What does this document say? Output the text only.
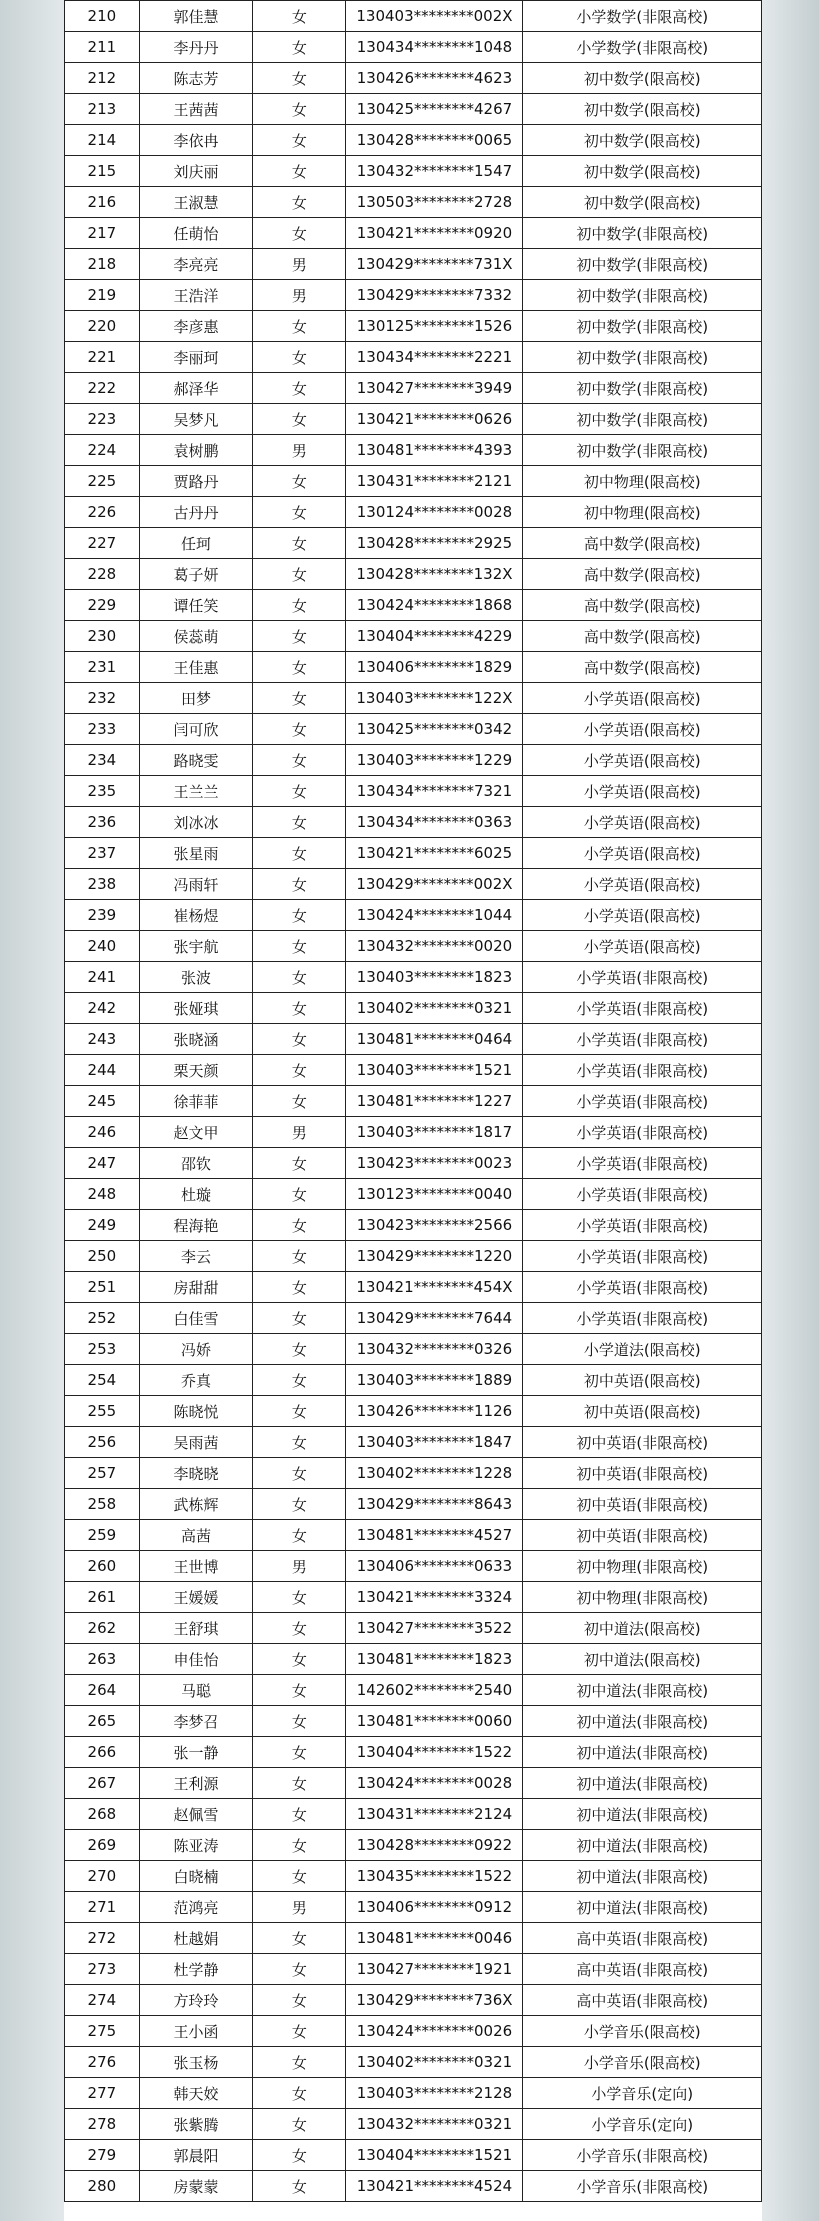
210	郭佳慧	女	130403********002X	小学数学(非限高校)
211	李丹丹	女	130434********1048	小学数学(非限高校)
212	陈志芳	女	130426********4623	初中数学(限高校)
213	王茜茜	女	130425********4267	初中数学(限高校)
214	李依冉	女	130428********0065	初中数学(限高校)
215	刘庆丽	女	130432********1547	初中数学(限高校)
216	王淑慧	女	130503********2728	初中数学(限高校)
217	任萌怡	女	130421********0920	初中数学(非限高校)
218	李亮亮	男	130429********731X	初中数学(非限高校)
219	王浩洋	男	130429********7332	初中数学(非限高校)
220	李彦惠	女	130125********1526	初中数学(非限高校)
221	李丽珂	女	130434********2221	初中数学(非限高校)
222	郝泽华	女	130427********3949	初中数学(非限高校)
223	吴梦凡	女	130421********0626	初中数学(非限高校)
224	袁树鹏	男	130481********4393	初中数学(非限高校)
225	贾路丹	女	130431********2121	初中物理(限高校)
226	古丹丹	女	130124********0028	初中物理(限高校)
227	任珂	女	130428********2925	高中数学(限高校)
228	葛子妍	女	130428********132X	高中数学(限高校)
229	谭任笑	女	130424********1868	高中数学(限高校)
230	侯蕊萌	女	130404********4229	高中数学(限高校)
231	王佳惠	女	130406********1829	高中数学(限高校)
232	田梦	女	130403********122X	小学英语(限高校)
233	闫可欣	女	130425********0342	小学英语(限高校)
234	路晓雯	女	130403********1229	小学英语(限高校)
235	王兰兰	女	130434********7321	小学英语(限高校)
236	刘冰冰	女	130434********0363	小学英语(限高校)
237	张星雨	女	130421********6025	小学英语(限高校)
238	冯雨轩	女	130429********002X	小学英语(限高校)
239	崔杨煜	女	130424********1044	小学英语(限高校)
240	张宇航	女	130432********0020	小学英语(限高校)
241	张波	女	130403********1823	小学英语(非限高校)
242	张娅琪	女	130402********0321	小学英语(非限高校)
243	张晓涵	女	130481********0464	小学英语(非限高校)
244	栗天颜	女	130403********1521	小学英语(非限高校)
245	徐菲菲	女	130481********1227	小学英语(非限高校)
246	赵文甲	男	130403********1817	小学英语(非限高校)
247	邵钦	女	130423********0023	小学英语(非限高校)
248	杜璇	女	130123********0040	小学英语(非限高校)
249	程海艳	女	130423********2566	小学英语(非限高校)
250	李云	女	130429********1220	小学英语(非限高校)
251	房甜甜	女	130421********454X	小学英语(非限高校)
252	白佳雪	女	130429********7644	小学英语(非限高校)
253	冯娇	女	130432********0326	小学道法(限高校)
254	乔真	女	130403********1889	初中英语(限高校)
255	陈晓悦	女	130426********1126	初中英语(限高校)
256	吴雨茜	女	130403********1847	初中英语(非限高校)
257	李晓晓	女	130402********1228	初中英语(非限高校)
258	武栋辉	女	130429********8643	初中英语(非限高校)
259	高茜	女	130481********4527	初中英语(非限高校)
260	王世博	男	130406********0633	初中物理(非限高校)
261	王媛媛	女	130421********3324	初中物理(非限高校)
262	王舒琪	女	130427********3522	初中道法(限高校)
263	申佳怡	女	130481********1823	初中道法(限高校)
264	马聪	女	142602********2540	初中道法(非限高校)
265	李梦召	女	130481********0060	初中道法(非限高校)
266	张一静	女	130404********1522	初中道法(非限高校)
267	王利源	女	130424********0028	初中道法(非限高校)
268	赵佩雪	女	130431********2124	初中道法(非限高校)
269	陈亚涛	女	130428********0922	初中道法(非限高校)
270	白晓楠	女	130435********1522	初中道法(非限高校)
271	范鸿亮	男	130406********0912	初中道法(非限高校)
272	杜越娟	女	130481********0046	高中英语(非限高校)
273	杜学静	女	130427********1921	高中英语(非限高校)
274	方玲玲	女	130429********736X	高中英语(非限高校)
275	王小函	女	130424********0026	小学音乐(限高校)
276	张玉杨	女	130402********0321	小学音乐(限高校)
277	韩天姣	女	130403********2128	小学音乐(定向)
278	张紫腾	女	130432********0321	小学音乐(定向)
279	郭晨阳	女	130404********1521	小学音乐(非限高校)
280	房蒙蒙	女	130421********4524	小学音乐(非限高校)
